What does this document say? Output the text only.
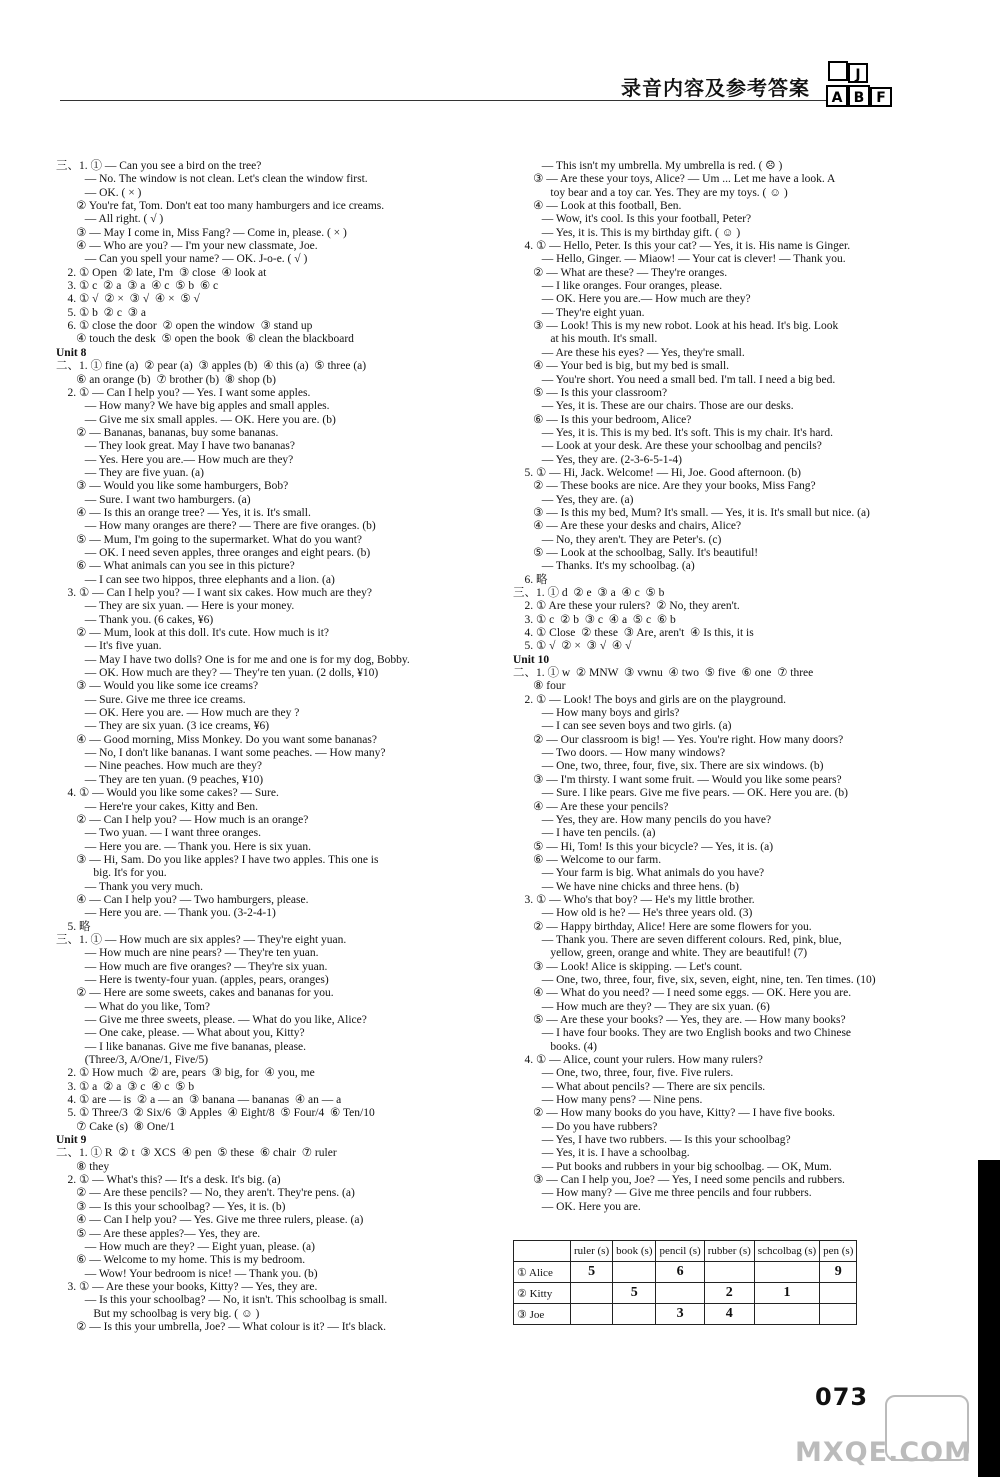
录音内容及参考答案
J
A B F
三、1. ① — Can you see a bird on the tree?
— No. The window is not clean. Let's clean the window first.
— OK. ( × )
② You're fat, Tom. Don't eat too many hamburgers and ice creams.
— All right. ( √ )
③ — May I come in, Miss Fang? — Come in, please. ( × )
④ — Who are you? — I'm your new classmate, Joe.
— Can you spell your name? — OK. J-o-e. ( √ )
2. ① Open  ② late, I'm  ③ close  ④ look at
3. ① c  ② a  ③ a  ④ c  ⑤ b  ⑥ c
4. ① √  ② ×  ③ √  ④ ×  ⑤ √
5. ① b  ② c  ③ a
6. ① close the door  ② open the window  ③ stand up
④ touch the desk  ⑤ open the book  ⑥ clean the blackboard
Unit 8
二、1. ① fine (a)  ② pear (a)  ③ apples (b)  ④ this (a)  ⑤ three (a)
⑥ an orange (b)  ⑦ brother (b)  ⑧ shop (b)
2. ① — Can I help you? — Yes. I want some apples.
— How many? We have big apples and small apples.
— Give me six small apples. — OK. Here you are. (b)
② — Bananas, bananas, buy some bananas.
— They look great. May I have two bananas?
— Yes. Here you are.— How much are they?
— They are five yuan. (a)
③ — Would you like some hamburgers, Bob?
— Sure. I want two hamburgers. (a)
④ — Is this an orange tree? — Yes, it is. It's small.
— How many oranges are there? — There are five oranges. (b)
⑤ — Mum, I'm going to the supermarket. What do you want?
— OK. I need seven apples, three oranges and eight pears. (b)
⑥ — What animals can you see in this picture?
— I can see two hippos, three elephants and a lion. (a)
3. ① — Can I help you? — I want six cakes. How much are they?
— They are six yuan. — Here is your money.
— Thank you. (6 cakes, ¥6)
② — Mum, look at this doll. It's cute. How much is it?
— It's five yuan.
— May I have two dolls? One is for me and one is for my dog, Bobby.
— OK. How much are they? — They're ten yuan. (2 dolls, ¥10)
③ — Would you like some ice creams?
— Sure. Give me three ice creams.
— OK. Here you are. — How much are they ?
— They are six yuan. (3 ice creams, ¥6)
④ — Good morning, Miss Monkey. Do you want some bananas?
— No, I don't like bananas. I want some peaches. — How many?
— Nine peaches. How much are they?
— They are ten yuan. (9 peaches, ¥10)
4. ① — Would you like some cakes? — Sure.
— Here're your cakes, Kitty and Ben.
② — Can I help you? — How much is an orange?
— Two yuan. — I want three oranges.
— Here you are. — Thank you. Here is six yuan.
③ — Hi, Sam. Do you like apples? I have two apples. This one is
big. It's for you.
— Thank you very much.
④ — Can I help you? — Two hamburgers, please.
— Here you are. — Thank you. (3-2-4-1)
5. 略
三、1. ① — How much are six apples? — They're eight yuan.
— How much are nine pears? — They're ten yuan.
— How much are five oranges? — They're six yuan.
— Here is twenty-four yuan. (apples, pears, oranges)
② — Here are some sweets, cakes and bananas for you.
— What do you like, Tom?
— Give me three sweets, please. — What do you like, Alice?
— One cake, please. — What about you, Kitty?
— I like bananas. Give me five bananas, please.
(Three/3, A/One/1, Five/5)
2. ① How much  ② are, pears  ③ big, for  ④ you, me
3. ① a  ② a  ③ c  ④ c  ⑤ b
4. ① are — is  ② a — an  ③ banana — bananas  ④ an — a
5. ① Three/3  ② Six/6  ③ Apples  ④ Eight/8  ⑤ Four/4  ⑥ Ten/10
⑦ Cake (s)  ⑧ One/1
Unit 9
二、1. ① R  ② t  ③ XCS  ④ pen  ⑤ these  ⑥ chair  ⑦ ruler
⑧ they
2. ① — What's this? — It's a desk. It's big. (a)
② — Are these pencils? — No, they aren't. They're pens. (a)
③ — Is this your schoolbag? — Yes, it is. (b)
④ — Can I help you? — Yes. Give me three rulers, please. (a)
⑤ — Are these apples?— Yes, they are.
— How much are they? — Eight yuan, please. (a)
⑥ — Welcome to my home. This is my bedroom.
— Wow! Your bedroom is nice! — Thank you. (b)
3. ① — Are these your books, Kitty? — Yes, they are.
— Is this your schoolbag? — No, it isn't. This schoolbag is small.
But my schoolbag is very big. ( ☺ )
② — Is this your umbrella, Joe? — What colour is it? — It's black.
— This isn't my umbrella. My umbrella is red. ( ☹ )
③ — Are these your toys, Alice? — Um ... Let me have a look. A
toy bear and a toy car. Yes. They are my toys. ( ☺ )
④ — Look at this football, Ben.
— Wow, it's cool. Is this your football, Peter?
— Yes, it is. This is my birthday gift. ( ☺ )
4. ① — Hello, Peter. Is this your cat? — Yes, it is. His name is Ginger.
— Hello, Ginger. — Miaow! — Your cat is clever! — Thank you.
② — What are these? — They're oranges.
— I like oranges. Four oranges, please.
— OK. Here you are.— How much are they?
— They're eight yuan.
③ — Look! This is my new robot. Look at his head. It's big. Look
at his mouth. It's small.
— Are these his eyes? — Yes, they're small.
④ — Your bed is big, but my bed is small.
— You're short. You need a small bed. I'm tall. I need a big bed.
⑤ — Is this your classroom?
— Yes, it is. These are our chairs. Those are our desks.
⑥ — Is this your bedroom, Alice?
— Yes, it is. This is my bed. It's soft. This is my chair. It's hard.
— Look at your desk. Are these your schoolbag and pencils?
— Yes, they are. (2-3-6-5-1-4)
5. ① — Hi, Jack. Welcome! — Hi, Joe. Good afternoon. (b)
② — These books are nice. Are they your books, Miss Fang?
— Yes, they are. (a)
③ — Is this my bed, Mum? It's small. — Yes, it is. It's small but nice. (a)
④ — Are these your desks and chairs, Alice?
— No, they aren't. They are Peter's. (c)
⑤ — Look at the schoolbag, Sally. It's beautiful!
— Thanks. It's my schoolbag. (a)
6. 略
三、1. ① d  ② e  ③ a  ④ c  ⑤ b
2. ① Are these your rulers?  ② No, they aren't.
3. ① c  ② b  ③ c  ④ a  ⑤ c  ⑥ b
4. ① Close  ② these  ③ Are, aren't  ④ Is this, it is
5. ① √  ② ×  ③ √  ④ √
Unit 10
二、1. ① w  ② MNW  ③ vwnu  ④ two  ⑤ five  ⑥ one  ⑦ three
⑧ four
2. ① — Look! The boys and girls are on the playground.
— How many boys and girls?
— I can see seven boys and two girls. (a)
② — Our classroom is big! — Yes. You're right. How many doors?
— Two doors. — How many windows?
— One, two, three, four, five, six. There are six windows. (b)
③ — I'm thirsty. I want some fruit. — Would you like some pears?
— Sure. I like pears. Give me five pears. — OK. Here you are. (b)
④ — Are these your pencils?
— Yes, they are. How many pencils do you have?
— I have ten pencils. (a)
⑤ — Hi, Tom! Is this your bicycle? — Yes, it is. (a)
⑥ — Welcome to our farm.
— Your farm is big. What animals do you have?
— We have nine chicks and three hens. (b)
3. ① — Who's that boy? — He's my little brother.
— How old is he? — He's three years old. (3)
② — Happy birthday, Alice! Here are some flowers for you.
— Thank you. There are seven different colours. Red, pink, blue,
yellow, green, orange and white. They are beautiful! (7)
③ — Look! Alice is skipping. — Let's count.
— One, two, three, four, five, six, seven, eight, nine, ten. Ten times. (10)
④ — What do you need? — I need some eggs. — OK. Here you are.
— How much are they? — They are six yuan. (6)
⑤ — Are these your books? — Yes, they are. — How many books?
— I have four books. They are two English books and two Chinese
books. (4)
4. ① — Alice, count your rulers. How many rulers?
— One, two, three, four, five. Five rulers.
— What about pencils? — There are six pencils.
— How many pens? — Nine pens.
② — How many books do you have, Kitty? — I have five books.
— Do you have rubbers?
— Yes, I have two rubbers. — Is this your schoolbag?
— Yes, it is. I have a schoolbag.
— Put books and rubbers in your big schoolbag. — OK, Mum.
③ — Can I help you, Joe? — Yes, I need some pencils and rubbers.
— How many? — Give me three pencils and four rubbers.
— OK. Here you are.
	ruler (s)	book (s)	pencil (s)	rubber (s)	schcolbag (s)	pen (s)
① Alice	5		6			9
② Kitty		5		2	1	
③ Joe			3	4		
073
MXQE.COM
